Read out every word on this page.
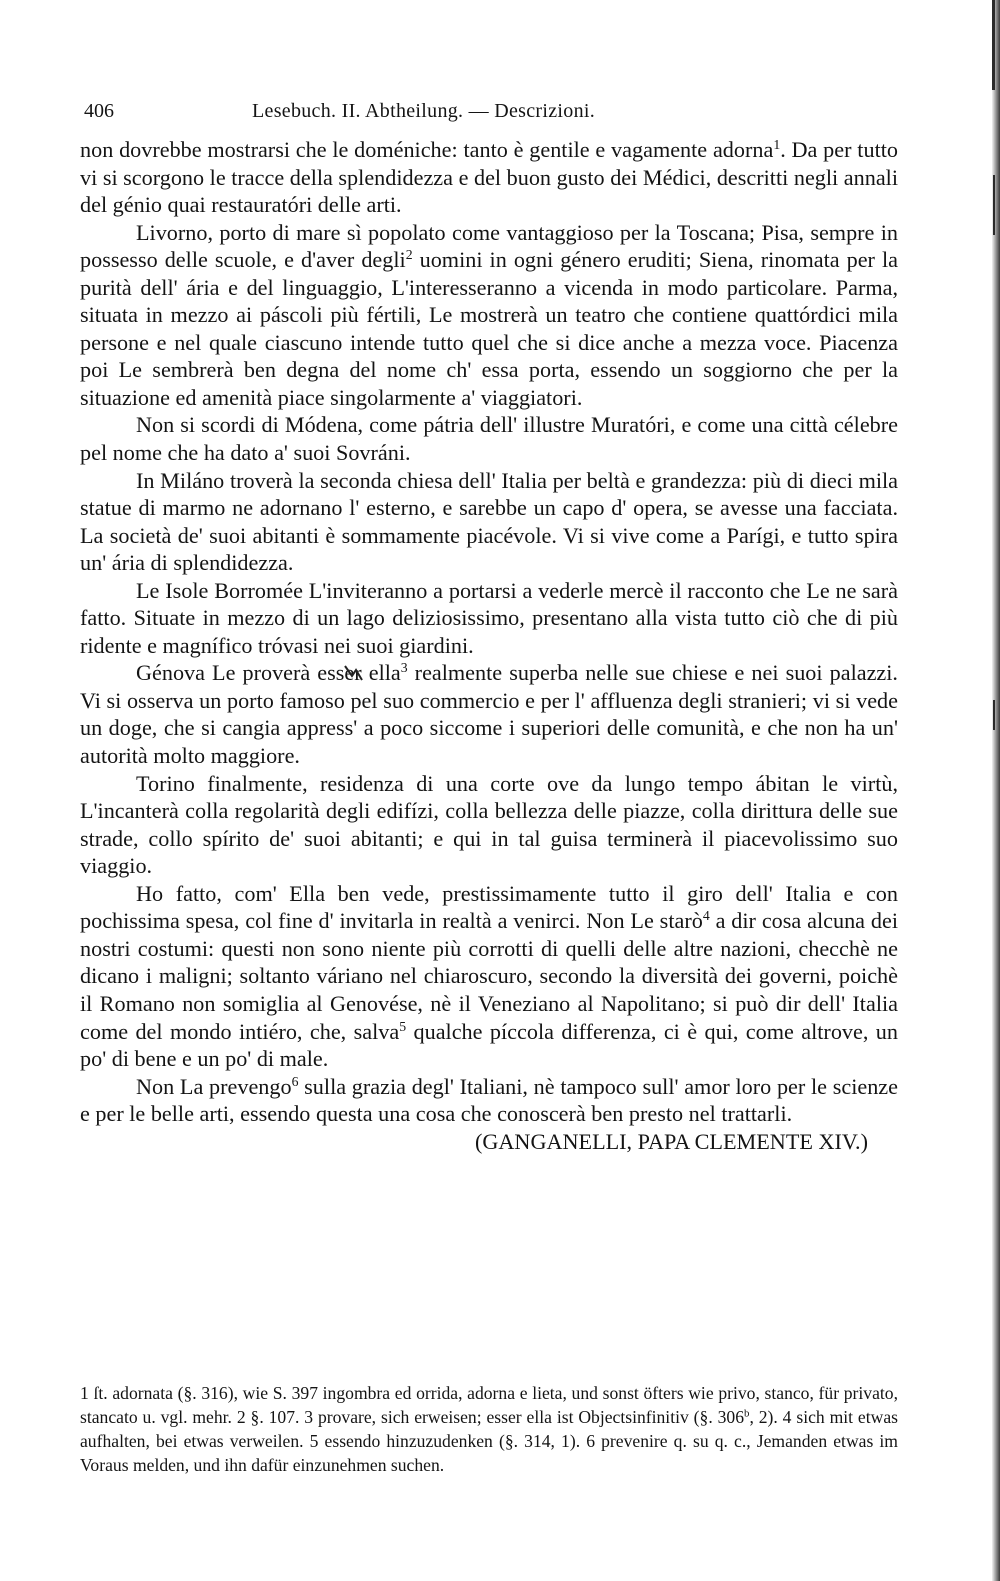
406	Lesebuch. II. Abtheilung. — Descrizioni.

non dovrebbe mostrarsi che le doméniche: tanto è gentile e vagamente adorna$^1$. Da per tutto vi si scorgono le tracce della splendidezza e del buon gusto dei Médici, descritti negli annali del génio quai restauratóri delle arti.

Livorno, porto di mare sì popolato come vantaggioso per la Toscana; Pisa, sempre in possesso delle scuole, e d'aver degli$^2$ uomini in ogni género eruditi; Siena, rinomata per la purità dell' ária e del linguaggio, L'interesseranno a vicenda in modo particolare. Parma, situata in mezzo ai páscoli più fértili, Le mostrerà un teatro che contiene quattórdici mila persone e nel quale ciascuno intende tutto quel che si dice anche a mezza voce. Piacenza poi Le sembrerà ben degna del nome ch' essa porta, essendo un soggiorno che per la situazione ed amenità piace singolarmente a' viaggiatori.

Non si scordi di Módena, come pátria dell' illustre Muratóri, e come una città célebre pel nome che ha dato a' suoi Sovráni.

In Miláno troverà la seconda chiesa dell' Italia per beltà e grandezza: più di dieci mila statue di marmo ne adornano l' esterno, e sarebbe un capo d' opera, se avesse una facciata. La società de' suoi abitanti è sommamente piacévole. Vi si vive come a Parígi, e tutto spira un' ária di splendidezza.

Le Isole Borromée L'inviteranno a portarsi a vederle mercè il racconto che Le ne sarà fatto. Situate in mezzo di un lago deliziosissimo, presentano alla vista tutto ciò che di più ridente e magnífico tróvasi nei suoi giardini.

Génova Le proverà esser ella$^3$ realmente superba nelle sue chiese e nei suoi palazzi. Vi si osserva un porto famoso pel suo commercio e per l' affluenza degli stranieri; vi si vede un doge, che si cangia appress' a poco siccome i superiori delle comunità, e che non ha un' autorità molto maggiore.

Torino finalmente, residenza di una corte ove da lungo tempo ábitan le virtù, L'incanterà colla regolarità degli edifízi, colla bellezza delle piazze, colla dirittura delle sue strade, collo spírito de' suoi abitanti; e qui in tal guisa terminerà il piacevolissimo suo viaggio.

Ho fatto, com' Ella ben vede, prestissimamente tutto il giro dell' Italia e con pochissima spesa, col fine d' invitarla in realtà a venirci. Non Le starò$^4$ a dir cosa alcuna dei nostri costumi: questi non sono niente più corrotti di quelli delle altre nazioni, checchè ne dicano i maligni; soltanto váriano nel chiaroscuro, secondo la diversità dei governi, poichè il Romano non somiglia al Genovése, nè il Veneziano al Napolitano; si può dir dell' Italia come del mondo intiéro, che, salva$^5$ qualche píccola differenza, ci è qui, come altrove, un po' di bene e un po' di male.

Non La prevengo$^6$ sulla grazia degl' Italiani, nè tampoco sull' amor loro per le scienze e per le belle arti, essendo questa una cosa che conoscerà ben presto nel trattarli.

(GANGANELLI, PAPA CLEMENTE XIV.)

1 ſt. adornata (§. 316), wie S. 397 ingombra ed orrida, adorna e lieta, und sonst öfters wie privo, stanco, für privato, stancato u. vgl. mehr. 2 §. 107. 3 provare, sich erweisen; esser ella ist Objectsinfinitiv (§. 306$^b$, 2). 4 sich mit etwas aufhalten, bei etwas verweilen. 5 essendo hinzuzudenken (§. 314, 1). 6 prevenire q. su q. c., Jemanden etwas im Voraus melden, und ihn dafür einzunehmen suchen.
